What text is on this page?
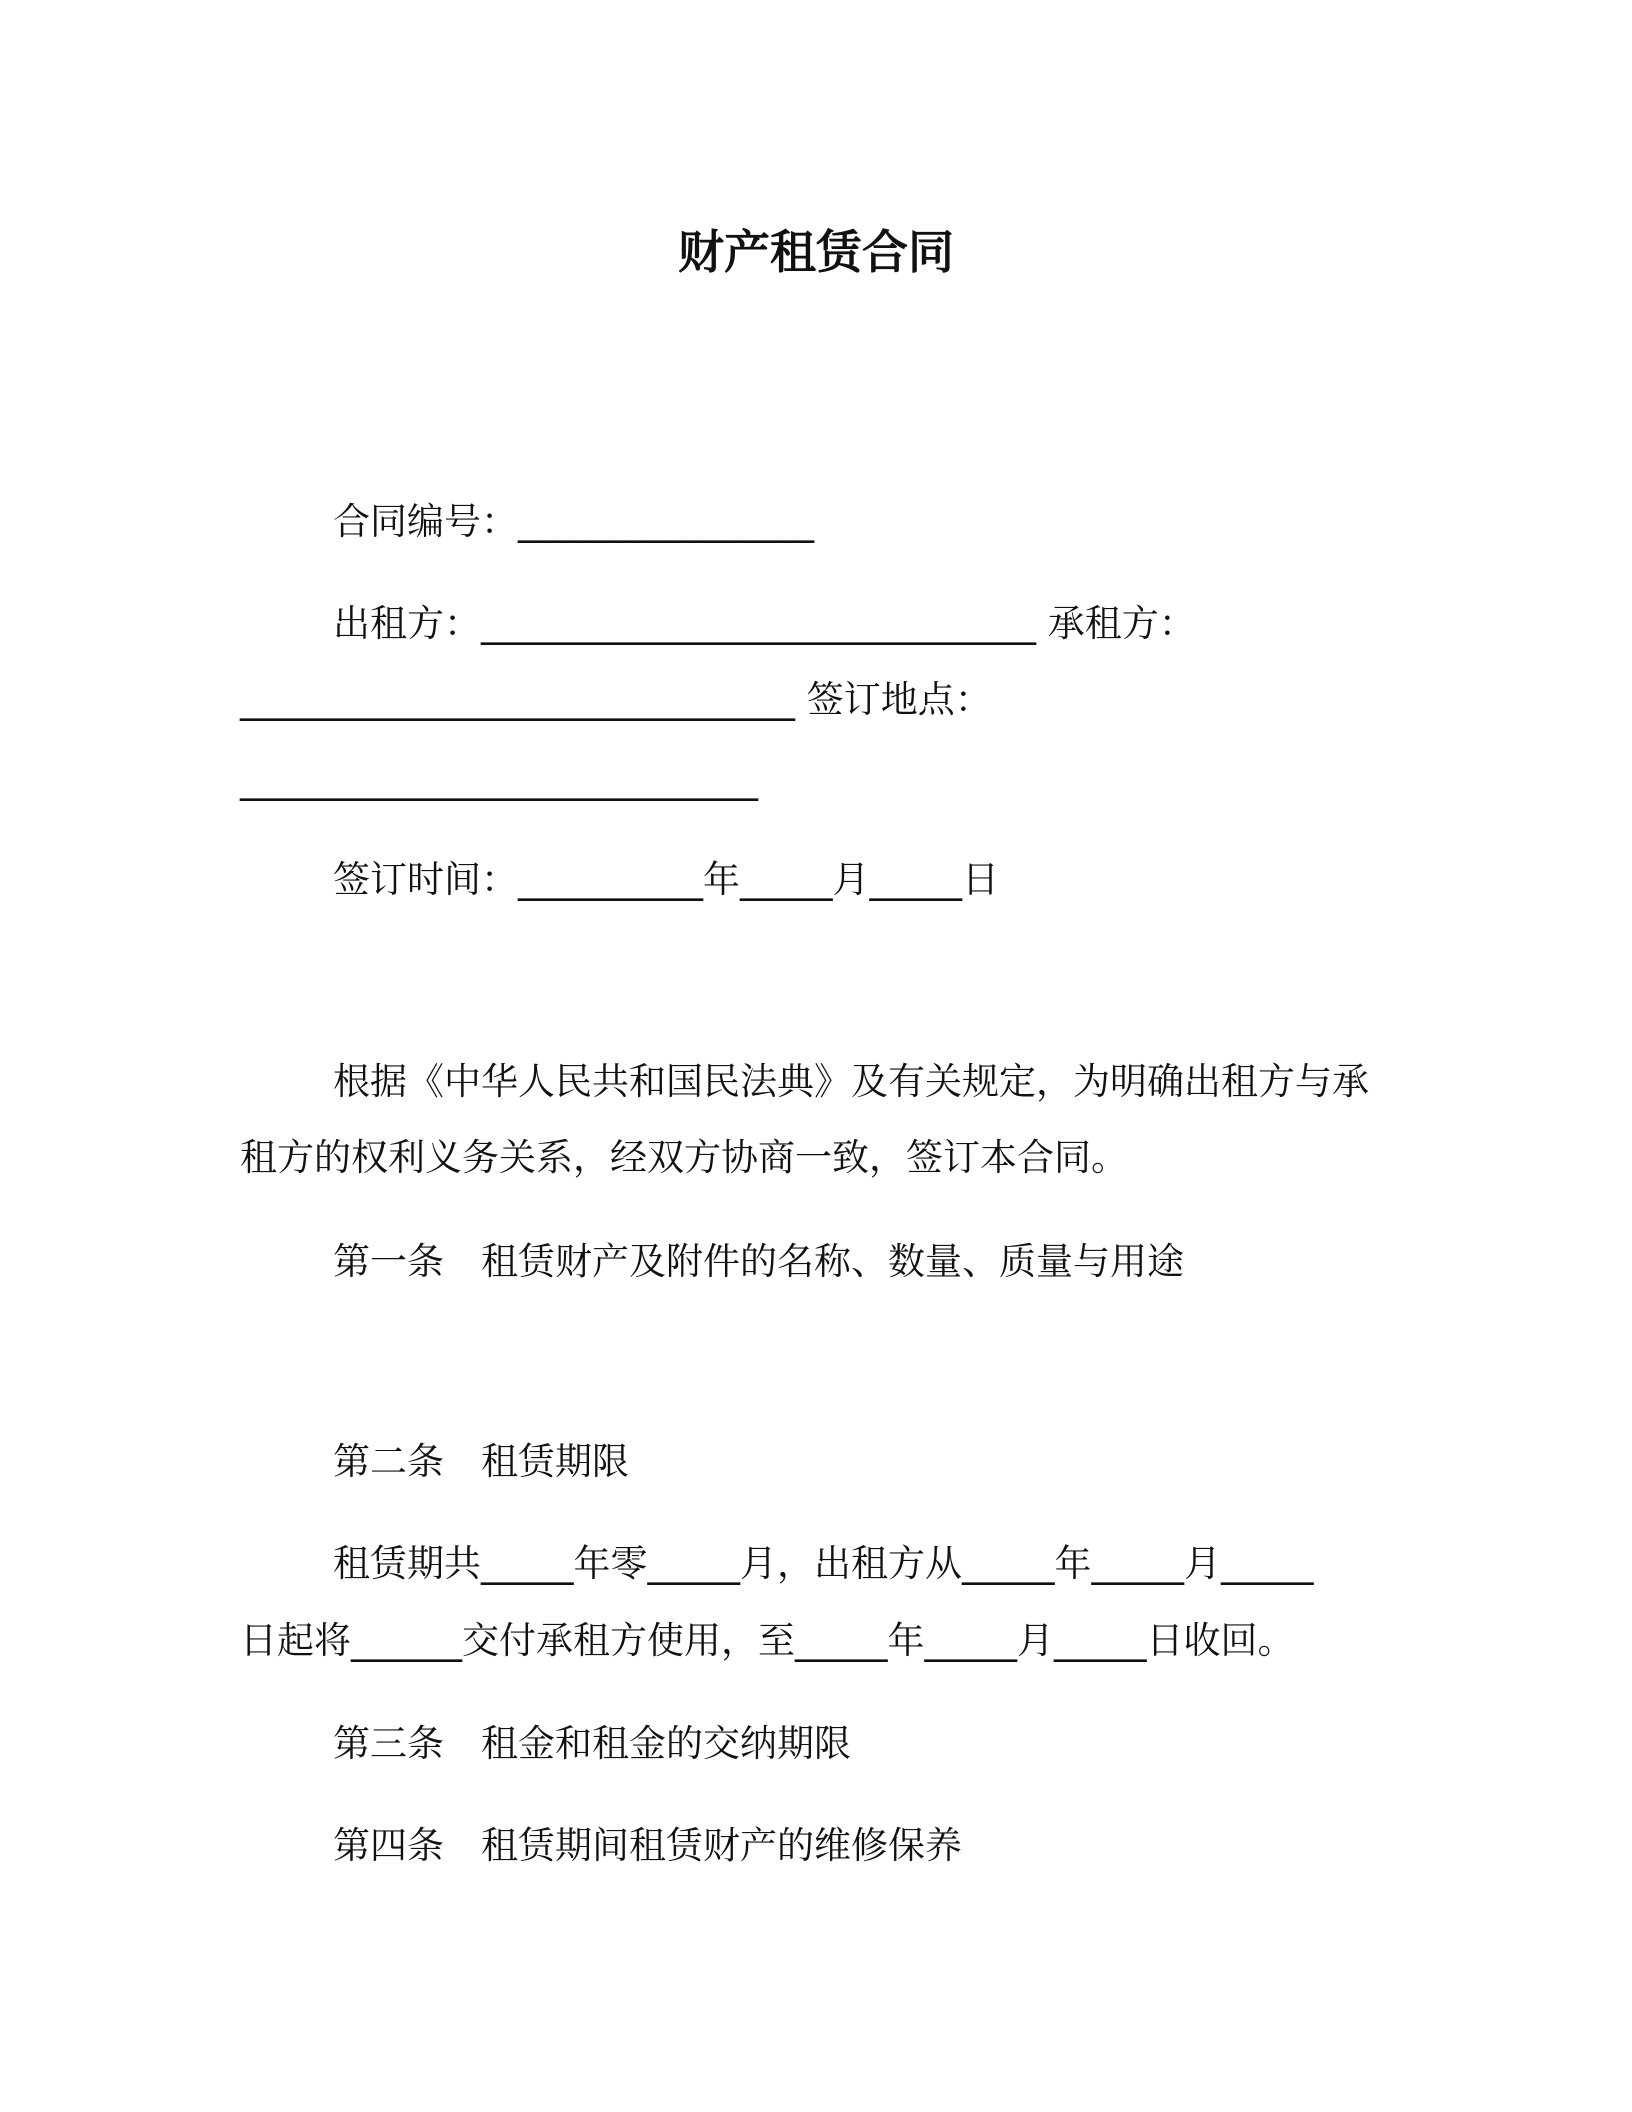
财产租赁合同
合同编号：________________
出租方：______________________________ 承租方：
______________________________ 签订地点：
____________________________
签订时间：__________年_____月_____日
根据《中华人民共和国民法典》及有关规定，为明确出租方与承
租方的权利义务关系，经双方协商一致，签订本合同。
第一条　租赁财产及附件的名称、数量、质量与用途
第二条　租赁期限
租赁期共_____年零_____月，出租方从_____年_____月_____
日起将______交付承租方使用，至_____年_____月_____日收回。
第三条　租金和租金的交纳期限
第四条　租赁期间租赁财产的维修保养
